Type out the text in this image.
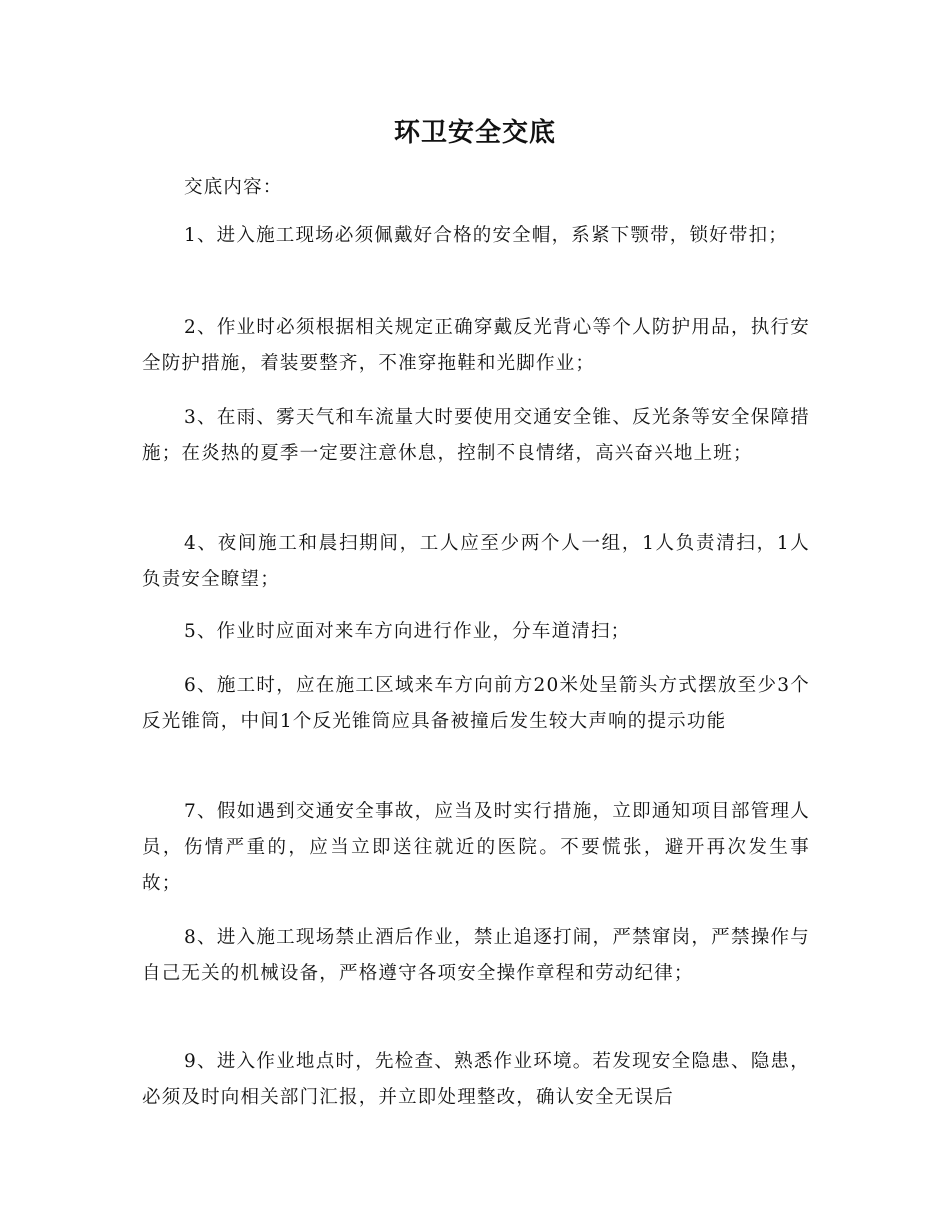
环卫安全交底
交底内容：
1、进入施工现场必须佩戴好合格的安全帽，系紧下颚带，锁好带扣；
2、作业时必须根据相关规定正确穿戴反光背心等个人防护用品，执行安全防护措施，着装要整齐，不准穿拖鞋和光脚作业；
3、在雨、雾天气和车流量大时要使用交通安全锥、反光条等安全保障措施；在炎热的夏季一定要注意休息，控制不良情绪，高兴奋兴地上班；
4、夜间施工和晨扫期间，工人应至少两个人一组，1人负责清扫，1人负责安全瞭望；
5、作业时应面对来车方向进行作业，分车道清扫；
6、施工时，应在施工区域来车方向前方20米处呈箭头方式摆放至少3个反光锥筒，中间1个反光锥筒应具备被撞后发生较大声响的提示功能
7、假如遇到交通安全事故，应当及时实行措施，立即通知项目部管理人员，伤情严重的，应当立即送往就近的医院。不要慌张，避开再次发生事故；
8、进入施工现场禁止酒后作业，禁止追逐打闹，严禁窜岗，严禁操作与自己无关的机械设备，严格遵守各项安全操作章程和劳动纪律；
9、进入作业地点时，先检查、熟悉作业环境。若发现安全隐患、隐患，必须及时向相关部门汇报，并立即处理整改，确认安全无误后
